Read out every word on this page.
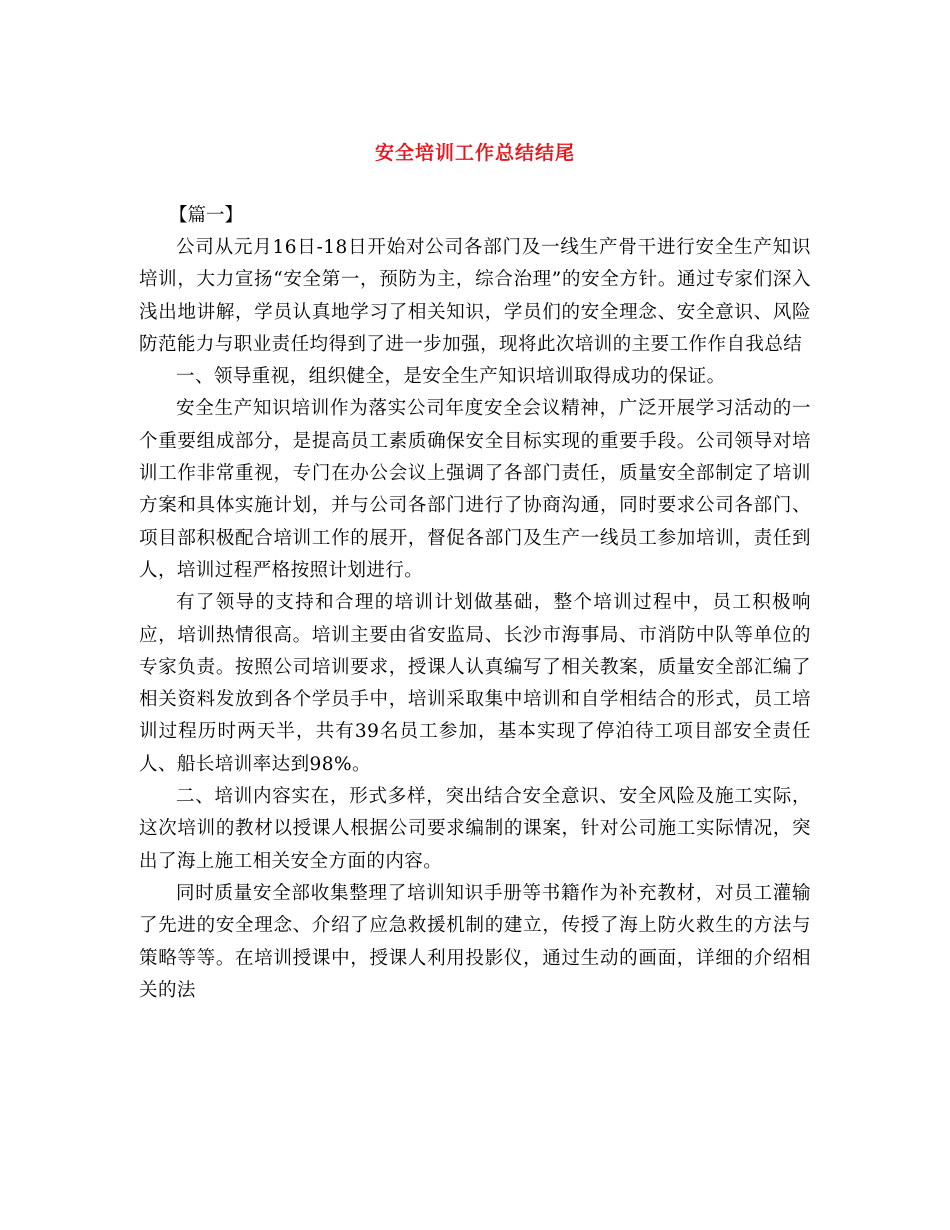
安全培训工作总结结尾

【篇一】

公司从元月16日-18日开始对公司各部门及一线生产骨干进行安全生产知识培训，大力宣扬“安全第一，预防为主，综合治理”的安全方针。通过专家们深入浅出地讲解，学员认真地学习了相关知识，学员们的安全理念、安全意识、风险防范能力与职业责任均得到了进一步加强，现将此次培训的主要工作作自我总结

一、领导重视，组织健全，是安全生产知识培训取得成功的保证。

安全生产知识培训作为落实公司年度安全会议精神，广泛开展学习活动的一个重要组成部分，是提高员工素质确保安全目标实现的重要手段。公司领导对培训工作非常重视，专门在办公会议上强调了各部门责任，质量安全部制定了培训方案和具体实施计划，并与公司各部门进行了协商沟通，同时要求公司各部门、项目部积极配合培训工作的展开，督促各部门及生产一线员工参加培训，责任到人，培训过程严格按照计划进行。

有了领导的支持和合理的培训计划做基础，整个培训过程中，员工积极响应，培训热情很高。培训主要由省安监局、长沙市海事局、市消防中队等单位的专家负责。按照公司培训要求，授课人认真编写了相关教案，质量安全部汇编了相关资料发放到各个学员手中，培训采取集中培训和自学相结合的形式，员工培训过程历时两天半，共有39名员工参加，基本实现了停泊待工项目部安全责任人、船长培训率达到98%。

二、培训内容实在，形式多样，突出结合安全意识、安全风险及施工实际，这次培训的教材以授课人根据公司要求编制的课案，针对公司施工实际情况，突出了海上施工相关安全方面的内容。

同时质量安全部收集整理了培训知识手册等书籍作为补充教材，对员工灌输了先进的安全理念、介绍了应急救援机制的建立，传授了海上防火救生的方法与策略等等。在培训授课中，授课人利用投影仪，通过生动的画面，详细的介绍相关的法
